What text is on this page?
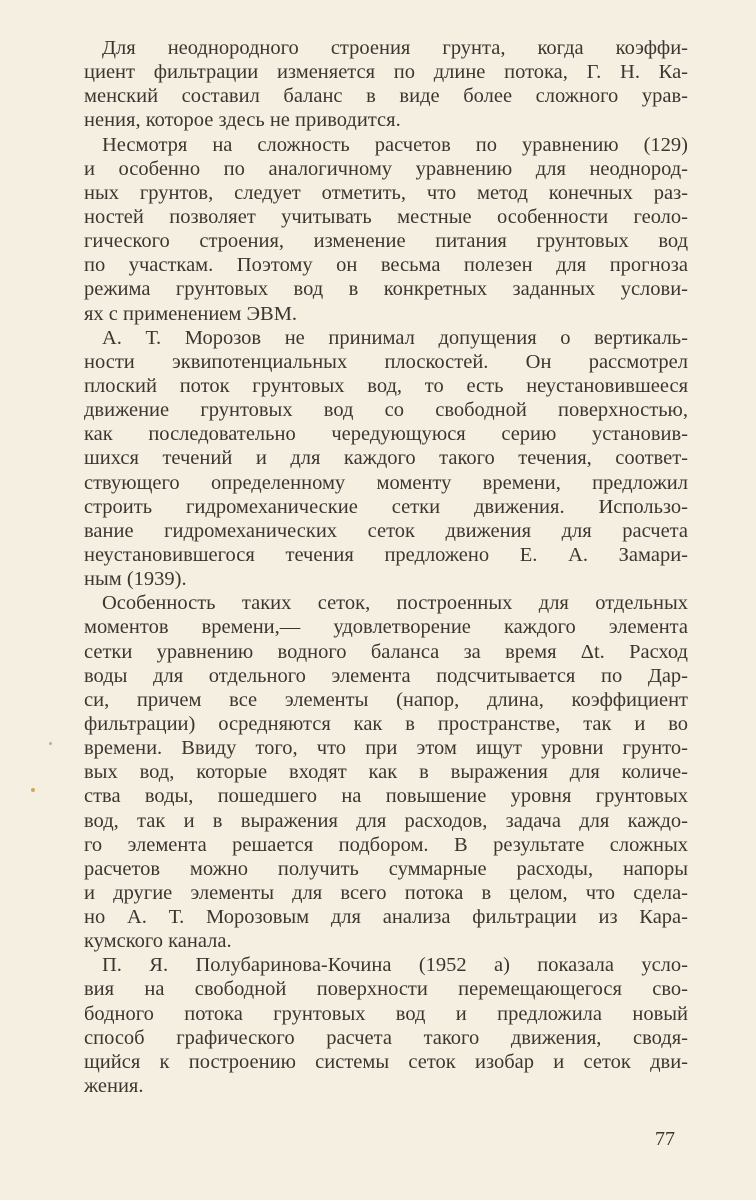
Для неоднородного строения грунта, когда коэффи-
циент фильтрации изменяется по длине потока, Г. Н. Ка-
менский составил баланс в виде более сложного урав-
нения, которое здесь не приводится.
Несмотря на сложность расчетов по уравнению (129)
и особенно по аналогичному уравнению для неоднород-
ных грунтов, следует отметить, что метод конечных раз-
ностей позволяет учитывать местные особенности геоло-
гического строения, изменение питания грунтовых вод
по участкам. Поэтому он весьма полезен для прогноза
режима грунтовых вод в конкретных заданных услови-
ях с применением ЭВМ.
А. Т. Морозов не принимал допущения о вертикаль-
ности эквипотенциальных плоскостей. Он рассмотрел
плоский поток грунтовых вод, то есть неустановившееся
движение грунтовых вод со свободной поверхностью,
как последовательно чередующуюся серию установив-
шихся течений и для каждого такого течения, соответ-
ствующего определенному моменту времени, предложил
строить гидромеханические сетки движения. Использо-
вание гидромеханических сеток движения для расчета
неустановившегося течения предложено Е. А. Замари-
ным (1939).
Особенность таких сеток, построенных для отдельных
моментов времени,— удовлетворение каждого элемента
сетки уравнению водного баланса за время Δt. Расход
воды для отдельного элемента подсчитывается по Дар-
си, причем все элементы (напор, длина, коэффициент
фильтрации) осредняются как в пространстве, так и во
времени. Ввиду того, что при этом ищут уровни грунто-
вых вод, которые входят как в выражения для количе-
ства воды, пошедшего на повышение уровня грунтовых
вод, так и в выражения для расходов, задача для каждо-
го элемента решается подбором. В результате сложных
расчетов можно получить суммарные расходы, напоры
и другие элементы для всего потока в целом, что сдела-
но А. Т. Морозовым для анализа фильтрации из Кара-
кумского канала.
П. Я. Полубаринова-Кочина (1952 а) показала усло-
вия на свободной поверхности перемещающегося сво-
бодного потока грунтовых вод и предложила новый
способ графического расчета такого движения, сводя-
щийся к построению системы сеток изобар и сеток дви-
жения.
77
